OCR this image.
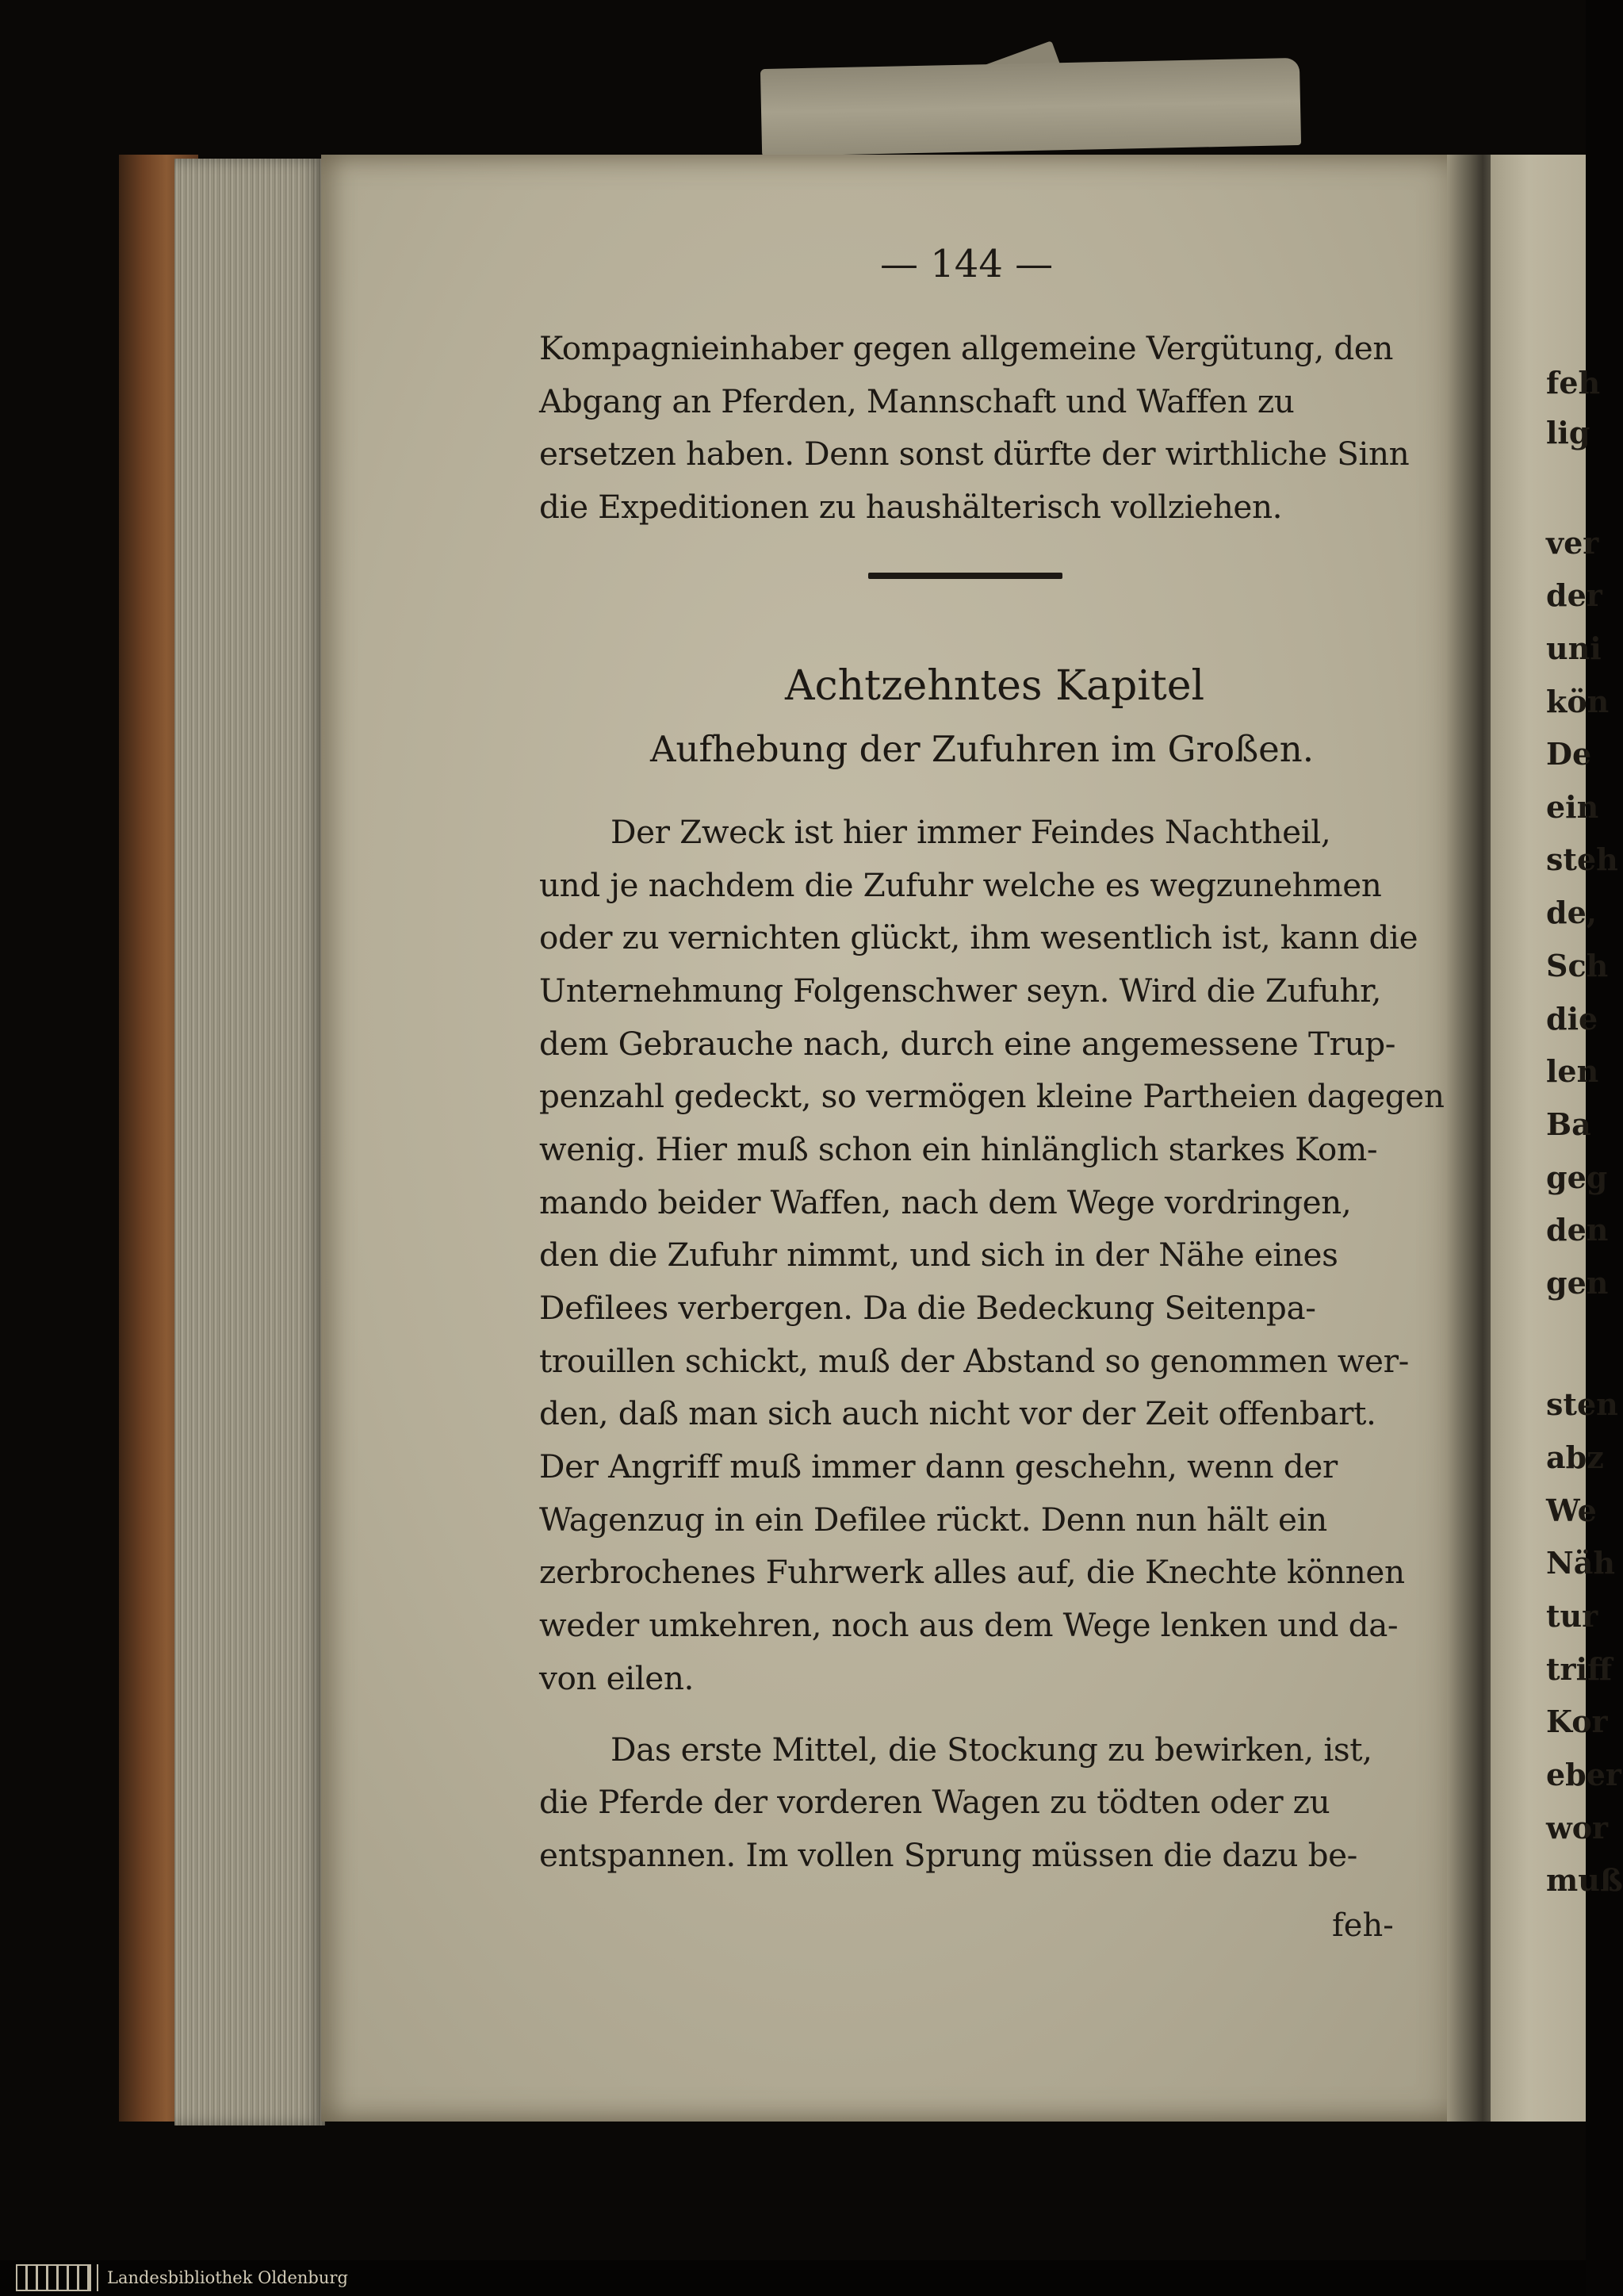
feh
lig
ver
der
uni
kön
De
ein
steh
de,
Sch
die
len
Ba
geg
den
gen
sten
abz
We
Näh
tur
triff
Kor
eber
wor
muß
— 144 —
Kompagnieinhaber gegen allgemeine Vergütung, den
Abgang an Pferden, Mannschaft und Waffen zu
ersetzen haben. Denn sonst dürfte der wirthliche Sinn
die Expeditionen zu haushälterisch vollziehen.
Achtzehntes Kapitel
Aufhebung der Zufuhren im Großen.
Der Zweck ist hier immer Feindes Nachtheil,
und je nachdem die Zufuhr welche es wegzunehmen
oder zu vernichten glückt, ihm wesentlich ist, kann die
Unternehmung Folgenschwer seyn. Wird die Zufuhr,
dem Gebrauche nach, durch eine angemessene Trup-
penzahl gedeckt, so vermögen kleine Partheien dagegen
wenig. Hier muß schon ein hinlänglich starkes Kom-
mando beider Waffen, nach dem Wege vordringen,
den die Zufuhr nimmt, und sich in der Nähe eines
Defilees verbergen. Da die Bedeckung Seitenpa-
trouillen schickt, muß der Abstand so genommen wer-
den, daß man sich auch nicht vor der Zeit offenbart.
Der Angriff muß immer dann geschehn, wenn der
Wagenzug in ein Defilee rückt. Denn nun hält ein
zerbrochenes Fuhrwerk alles auf, die Knechte können
weder umkehren, noch aus dem Wege lenken und da-
von eilen.
Das erste Mittel, die Stockung zu bewirken, ist,
die Pferde der vorderen Wagen zu tödten oder zu
entspannen. Im vollen Sprung müssen die dazu be-
feh-
Landesbibliothek Oldenburg
